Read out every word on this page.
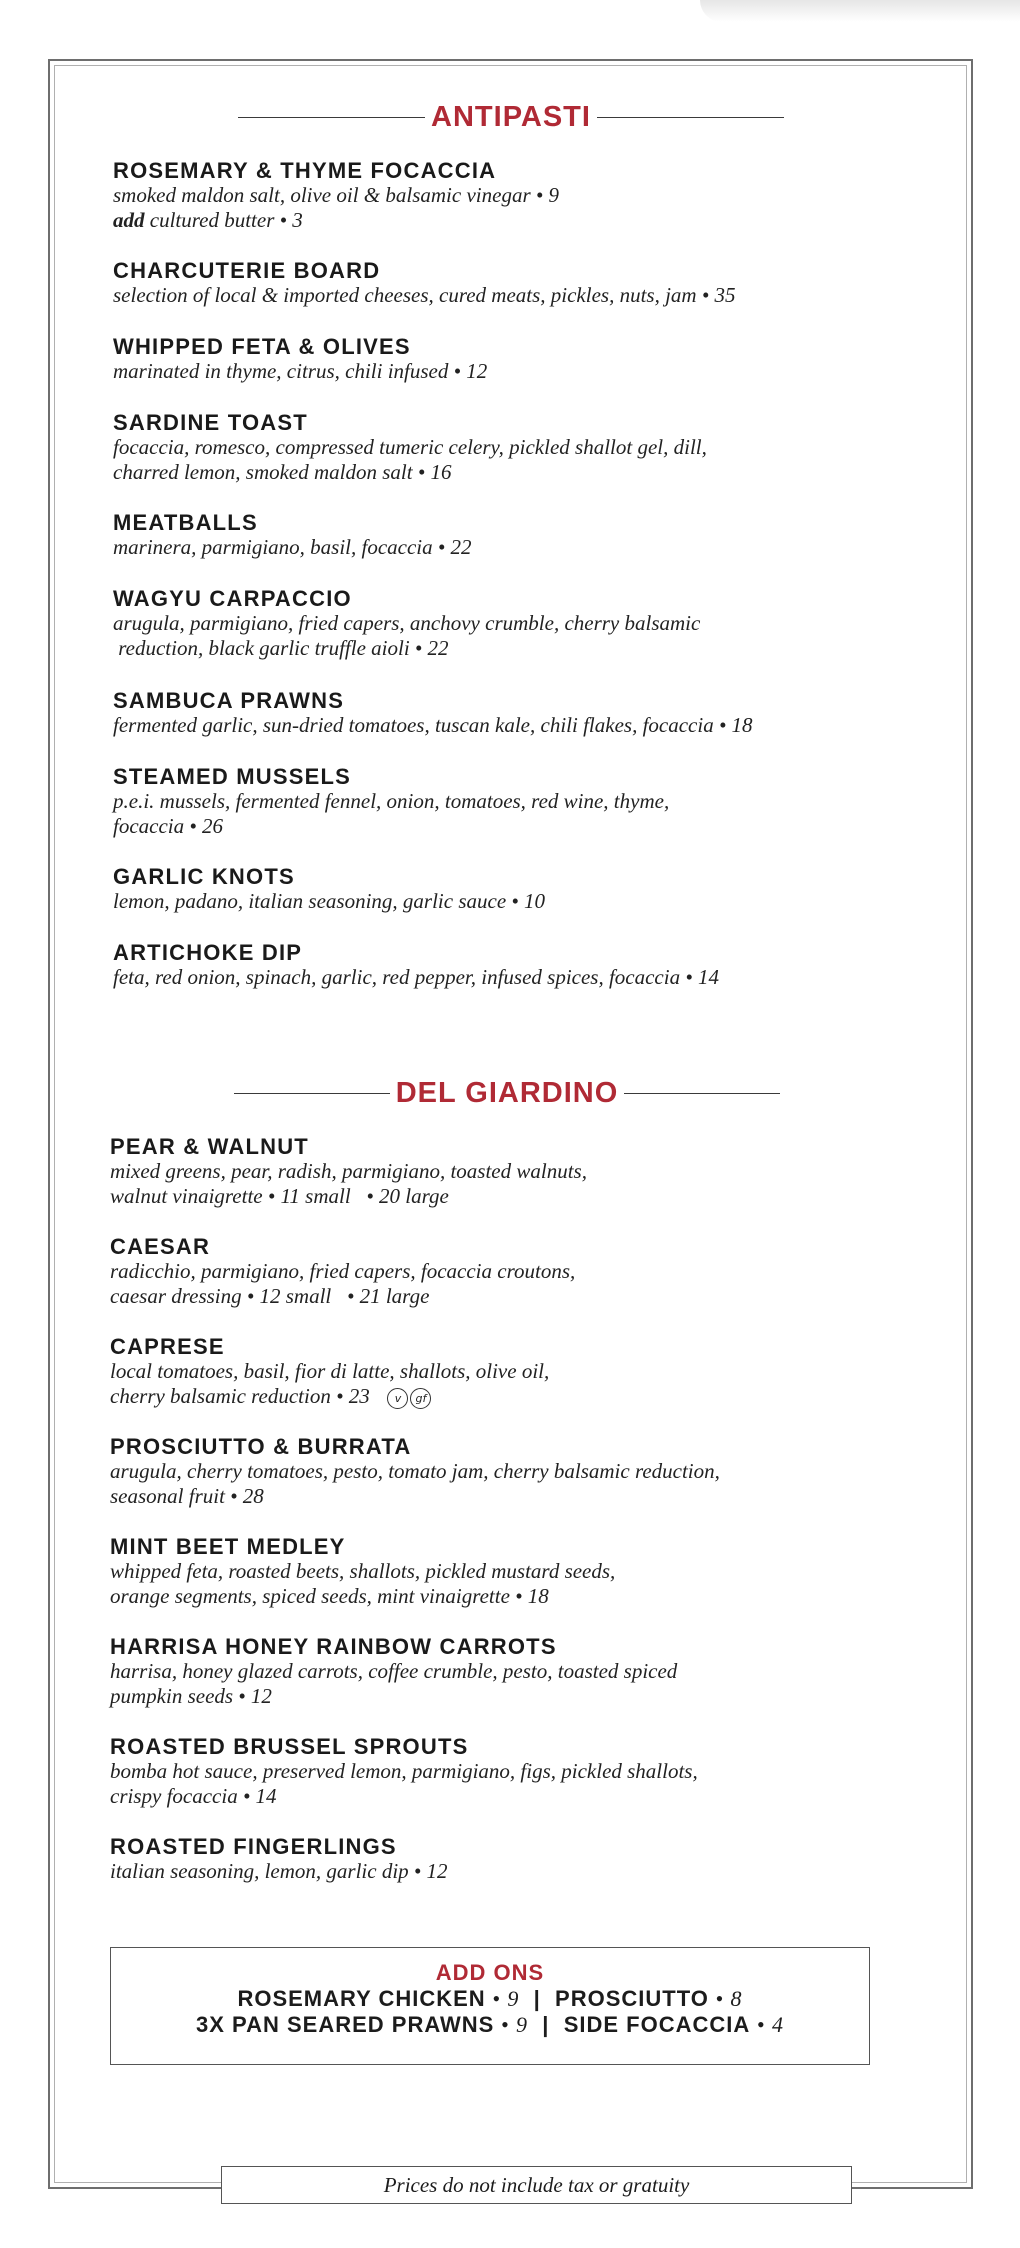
ANTIPASTI
ROSEMARY & THYME FOCACCIA
smoked maldon salt, olive oil & balsamic vinegar • 9
add cultured butter • 3
CHARCUTERIE BOARD
selection of local & imported cheeses, cured meats, pickles, nuts, jam • 35
WHIPPED FETA & OLIVES
marinated in thyme, citrus, chili infused • 12
SARDINE TOAST
focaccia, romesco, compressed tumeric celery, pickled shallot gel, dill,
charred lemon, smoked maldon salt • 16
MEATBALLS
marinera, parmigiano, basil, focaccia • 22
WAGYU CARPACCIO
arugula, parmigiano, fried capers, anchovy crumble, cherry balsamic
reduction, black garlic truffle aioli • 22
SAMBUCA PRAWNS
fermented garlic, sun-dried tomatoes, tuscan kale, chili flakes, focaccia • 18
STEAMED MUSSELS
p.e.i. mussels, fermented fennel, onion, tomatoes, red wine, thyme,
focaccia • 26
GARLIC KNOTS
lemon, padano, italian seasoning, garlic sauce • 10
ARTICHOKE DIP
feta, red onion, spinach, garlic, red pepper, infused spices, focaccia • 14
DEL GIARDINO
PEAR & WALNUT
mixed greens, pear, radish, parmigiano, toasted walnuts,
walnut vinaigrette • 11 small   • 20 large
CAESAR
radicchio, parmigiano, fried capers, focaccia croutons,
caesar dressing • 12 small   • 21 large
CAPRESE
local tomatoes, basil, fior di latte, shallots, olive oil,
cherry balsamic reduction • 23 v gf
PROSCIUTTO & BURRATA
arugula, cherry tomatoes, pesto, tomato jam, cherry balsamic reduction,
seasonal fruit • 28
MINT BEET MEDLEY
whipped feta, roasted beets, shallots, pickled mustard seeds,
orange segments, spiced seeds, mint vinaigrette • 18
HARRISA HONEY RAINBOW CARROTS
harrisa, honey glazed carrots, coffee crumble, pesto, toasted spiced
pumpkin seeds • 12
ROASTED BRUSSEL SPROUTS
bomba hot sauce, preserved lemon, parmigiano, figs, pickled shallots,
crispy focaccia • 14
ROASTED FINGERLINGS
italian seasoning, lemon, garlic dip • 12
ADD ONS
ROSEMARY CHICKEN • 9  |  PROSCIUTTO • 8
3X PAN SEARED PRAWNS • 9  |  SIDE FOCACCIA • 4
Prices do not include tax or gratuity
